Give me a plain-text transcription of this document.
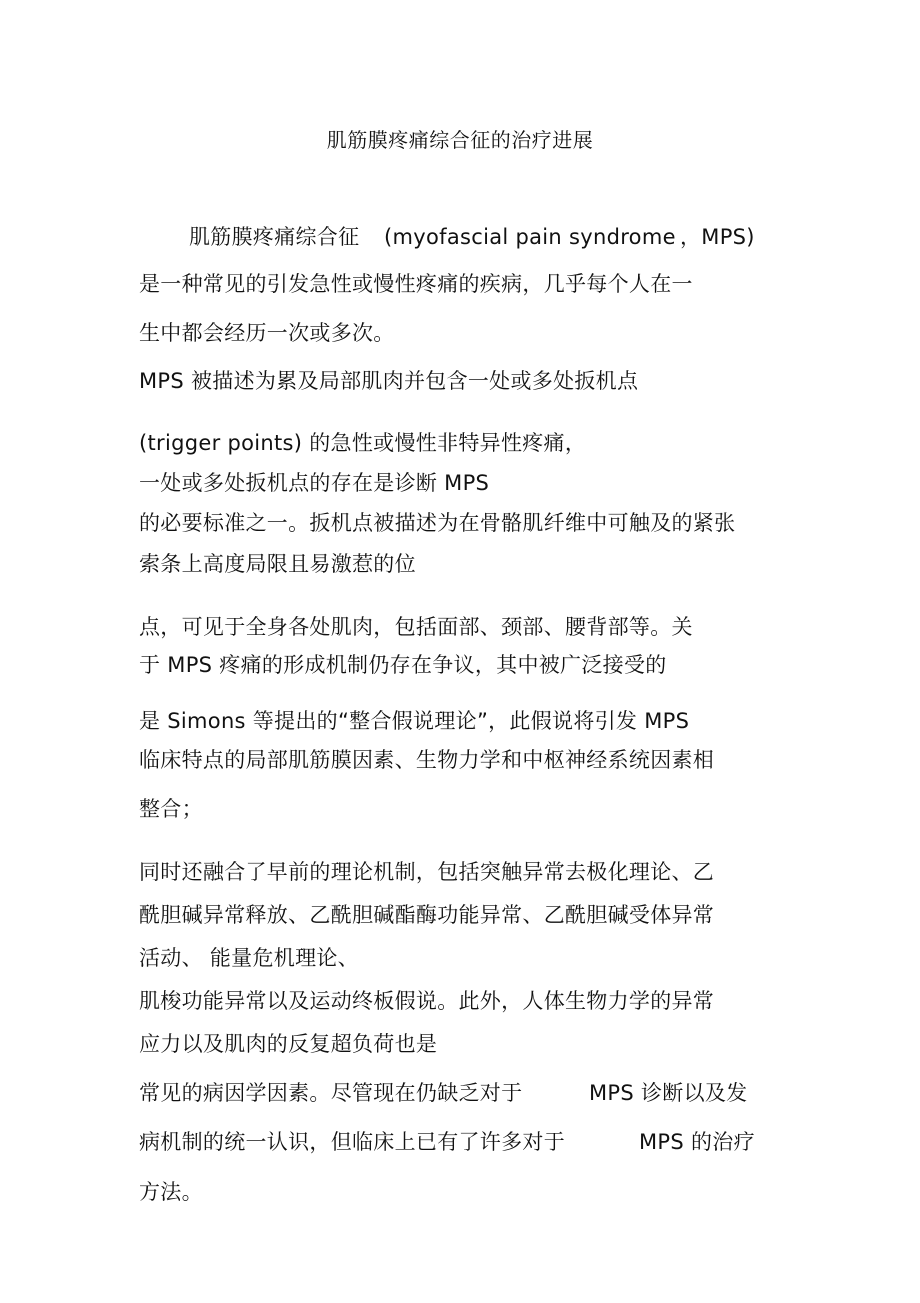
肌筋膜疼痛综合征的治疗进展
肌筋膜疼痛综合征 (myofascial pain syndrome ，MPS)
是一种常见的引发急性或慢性疼痛的疾病，几乎每个人在一
生中都会经历一次或多次。
MPS 被描述为累及局部肌肉并包含一处或多处扳机点
(trigger points) 的急性或慢性非特异性疼痛，
一处或多处扳机点的存在是诊断 MPS
的必要标准之一。扳机点被描述为在骨骼肌纤维中可触及的紧张
索条上高度局限且易激惹的位
点，可见于全身各处肌肉，包括面部、颈部、腰背部等。关
于 MPS 疼痛的形成机制仍存在争议，其中被广泛接受的
是 Simons 等提出的“整合假说理论”，此假说将引发 MPS
临床特点的局部肌筋膜因素、生物力学和中枢神经系统因素相
整合；
同时还融合了早前的理论机制，包括突触异常去极化理论、乙
酰胆碱异常释放、乙酰胆碱酯酶功能异常、乙酰胆碱受体异常
活动、 能量危机理论、
肌梭功能异常以及运动终板假说。此外，人体生物力学的异常
应力以及肌肉的反复超负荷也是
常见的病因学因素。尽管现在仍缺乏对于	MPS 诊断以及发
病机制的统一认识，但临床上已有了许多对于	MPS 的治疗
方法。
